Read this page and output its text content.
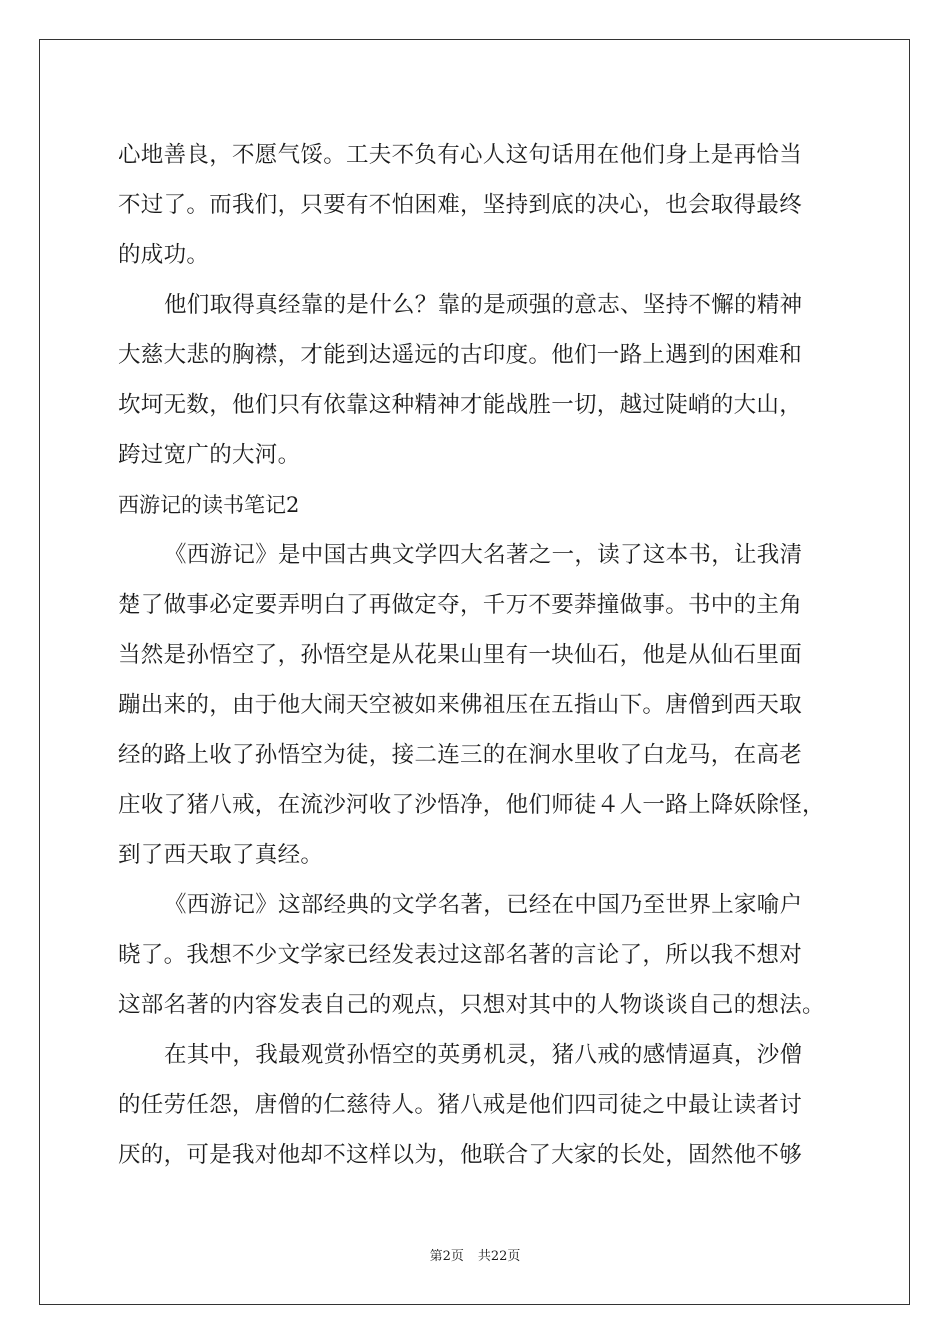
心地善良，不愿气馁。工夫不负有心人这句话用在他们身上是再恰当
不过了。而我们，只要有不怕困难，坚持到底的决心，也会取得最终
的成功。
他们取得真经靠的是什么？靠的是顽强的意志、坚持不懈的精神
大慈大悲的胸襟，才能到达遥远的古印度。他们一路上遇到的困难和
坎坷无数，他们只有依靠这种精神才能战胜一切，越过陡峭的大山，
跨过宽广的大河。
西游记的读书笔记2
《西游记》是中国古典文学四大名著之一，读了这本书，让我清
楚了做事必定要弄明白了再做定夺，千万不要莽撞做事。书中的主角
当然是孙悟空了，孙悟空是从花果山里有一块仙石，他是从仙石里面
蹦出来的，由于他大闹天空被如来佛祖压在五指山下。唐僧到西天取
经的路上收了孙悟空为徒，接二连三的在涧水里收了白龙马，在高老
庄收了猪八戒，在流沙河收了沙悟净，他们师徒４人一路上降妖除怪，
到了西天取了真经。
《西游记》这部经典的文学名著，已经在中国乃至世界上家喻户
晓了。我想不少文学家已经发表过这部名著的言论了，所以我不想对
这部名著的内容发表自己的观点，只想对其中的人物谈谈自己的想法。
在其中，我最观赏孙悟空的英勇机灵，猪八戒的感情逼真，沙僧
的任劳任怨，唐僧的仁慈待人。猪八戒是他们四司徒之中最让读者讨
厌的，可是我对他却不这样以为，他联合了大家的长处，固然他不够
第2页 共22页
